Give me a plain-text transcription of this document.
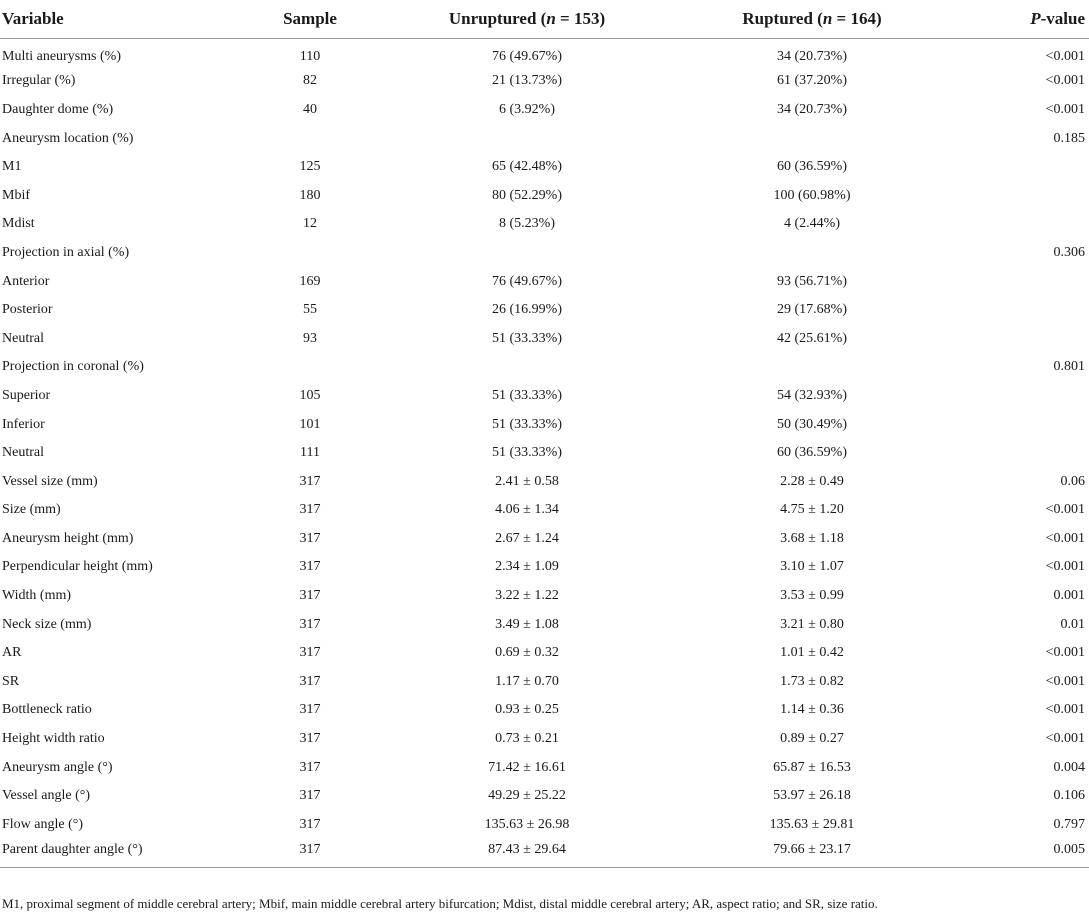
Variable	Sample	Unruptured (n = 153)	Ruptured (n = 164)	P-value
Multi aneurysms (%)	110	76 (49.67%)	34 (20.73%)	<0.001
Irregular (%)	82	21 (13.73%)	61 (37.20%)	<0.001
Daughter dome (%)	40	6 (3.92%)	34 (20.73%)	<0.001
Aneurysm location (%)				0.185
M1	125	65 (42.48%)	60 (36.59%)	
Mbif	180	80 (52.29%)	100 (60.98%)	
Mdist	12	8 (5.23%)	4 (2.44%)	
Projection in axial (%)				0.306
Anterior	169	76 (49.67%)	93 (56.71%)	
Posterior	55	26 (16.99%)	29 (17.68%)	
Neutral	93	51 (33.33%)	42 (25.61%)	
Projection in coronal (%)				0.801
Superior	105	51 (33.33%)	54 (32.93%)	
Inferior	101	51 (33.33%)	50 (30.49%)	
Neutral	111	51 (33.33%)	60 (36.59%)	
Vessel size (mm)	317	2.41 ± 0.58	2.28 ± 0.49	0.06
Size (mm)	317	4.06 ± 1.34	4.75 ± 1.20	<0.001
Aneurysm height (mm)	317	2.67 ± 1.24	3.68 ± 1.18	<0.001
Perpendicular height (mm)	317	2.34 ± 1.09	3.10 ± 1.07	<0.001
Width (mm)	317	3.22 ± 1.22	3.53 ± 0.99	0.001
Neck size (mm)	317	3.49 ± 1.08	3.21 ± 0.80	0.01
AR	317	0.69 ± 0.32	1.01 ± 0.42	<0.001
SR	317	1.17 ± 0.70	1.73 ± 0.82	<0.001
Bottleneck ratio	317	0.93 ± 0.25	1.14 ± 0.36	<0.001
Height width ratio	317	0.73 ± 0.21	0.89 ± 0.27	<0.001
Aneurysm angle (°)	317	71.42 ± 16.61	65.87 ± 16.53	0.004
Vessel angle (°)	317	49.29 ± 25.22	53.97 ± 26.18	0.106
Flow angle (°)	317	135.63 ± 26.98	135.63 ± 29.81	0.797
Parent daughter angle (°)	317	87.43 ± 29.64	79.66 ± 23.17	0.005
M1, proximal segment of middle cerebral artery; Mbif, main middle cerebral artery bifurcation; Mdist, distal middle cerebral artery; AR, aspect ratio; and SR, size ratio.
